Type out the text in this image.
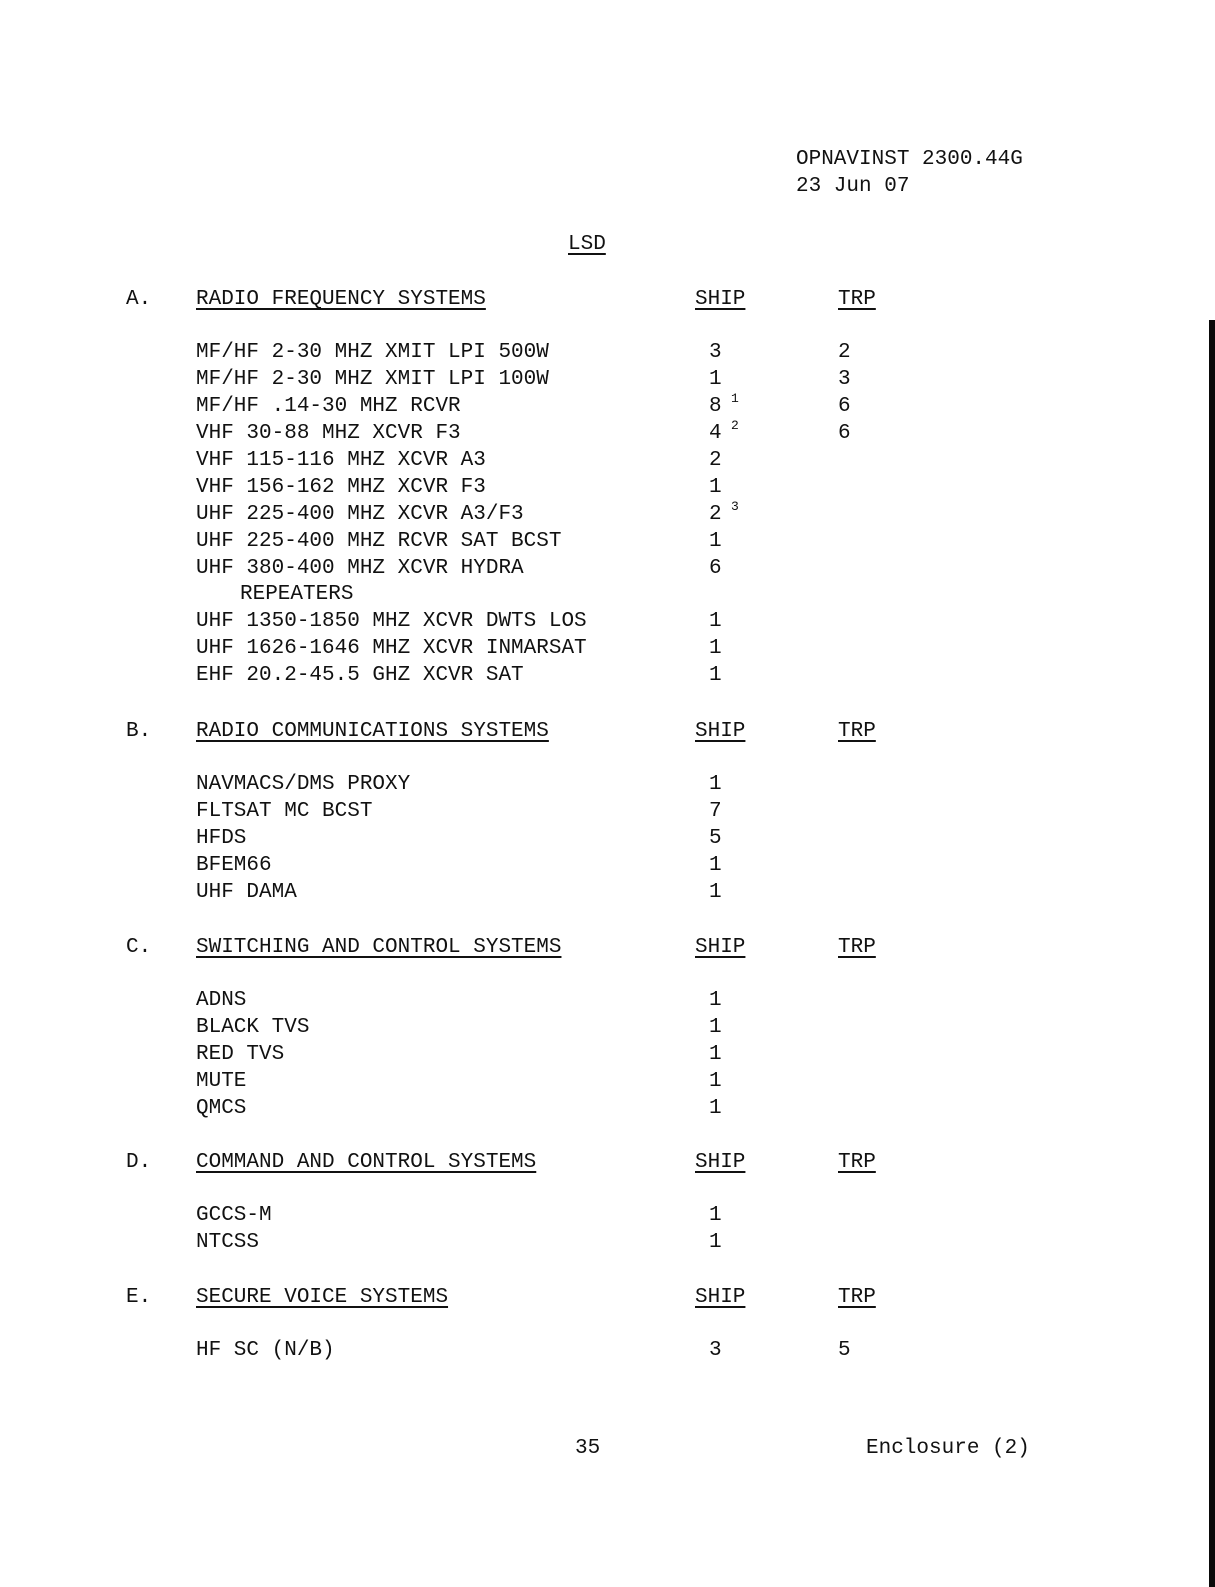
OPNAVINST 2300.44G
23 Jun 07
LSD
A. RADIO FREQUENCY SYSTEMS	SHIP	TRP
MF/HF 2-30 MHZ XMIT LPI 500W	3	2
MF/HF 2-30 MHZ XMIT LPI 100W	1	3
MF/HF .14-30 MHZ RCVR	8 1	6
VHF 30-88 MHZ XCVR F3	4 2	6
VHF 115-116 MHZ XCVR A3	2
VHF 156-162 MHZ XCVR F3	1
UHF 225-400 MHZ XCVR A3/F3	2 3
UHF 225-400 MHZ RCVR SAT BCST	1
UHF 380-400 MHZ XCVR HYDRA	6
REPEATERS
UHF 1350-1850 MHZ XCVR DWTS LOS	1
UHF 1626-1646 MHZ XCVR INMARSAT	1
EHF 20.2-45.5 GHZ XCVR SAT	1
B. RADIO COMMUNICATIONS SYSTEMS	SHIP	TRP
NAVMACS/DMS PROXY	1
FLTSAT MC BCST	7
HFDS	5
BFEM66	1
UHF DAMA	1
C. SWITCHING AND CONTROL SYSTEMS	SHIP	TRP
ADNS	1
BLACK TVS	1
RED TVS	1
MUTE	1
QMCS	1
D. COMMAND AND CONTROL SYSTEMS	SHIP	TRP
GCCS-M	1
NTCSS	1
E. SECURE VOICE SYSTEMS	SHIP	TRP
HF SC (N/B)	3	5
35	Enclosure (2)
